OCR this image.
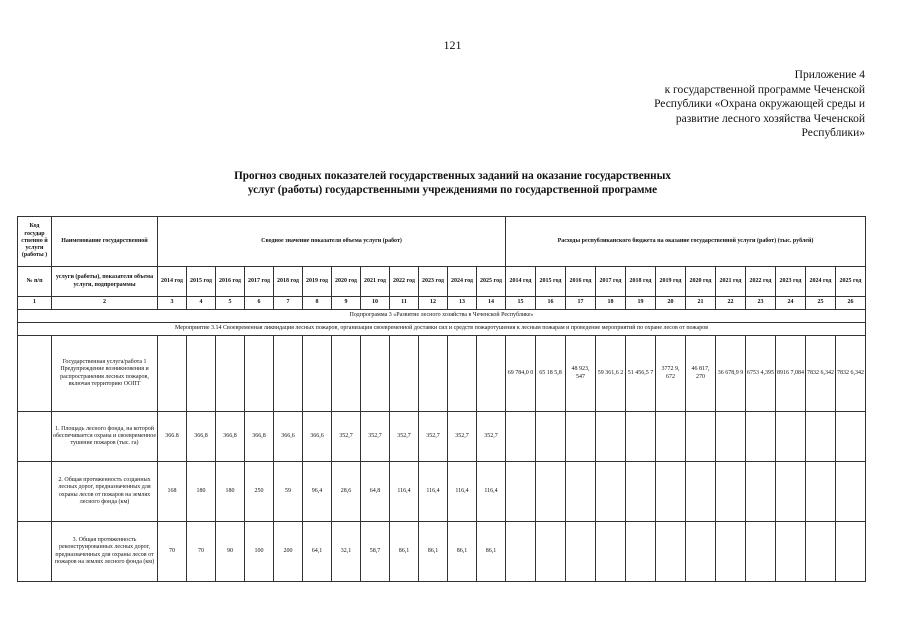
121
Приложение 4
к государственной программе Чеченской
Республики «Охрана окружающей среды и
развитие лесного хозяйства Чеченской
Республики»
Прогноз сводных показателей государственных заданий на оказание государственных
услуг (работы) государственными учреждениями по государственной программе
Код государ ственно й услуги (работы )	Наименование государственной	Сводное значение показателя объема услуги (работ)												Расходы республиканского бюджета на оказание государственной услуги (работ) (тыс. рублей)											
№ п/п	услуги (работы), показателя объема услуги, подпрограммы	2014 год	2015 год	2016 год	2017 год	2018 год	2019 год	2020 год	2021 год	2022 год	2023 год	2024 год	2025 год	2014 год	2015 год	2016 год	2017 год	2018 год	2019 год	2020 год	2021 год	2022 год	2023 год	2024 год	2025 год
1	2	3	4	5	6	7	8	9	10	11	12	13	14	15	16	17	18	19	20	21	22	23	24	25	26
Подпрограмма 3 «Развитие лесного хозяйства в Чеченской Республике»																									
Мероприятие 3.14 Своевременная ликвидация лесных пожаров, организация своевременной доставки сил и средств пожаротушения к лесным пожарам и проведение мероприятий по охране лесов от пожаров																									
	Государственная услуга/работа 1 Предупреждение возникновения и распространения лесных пожаров, включая территорию ООПТ													69 784,0 0	65 18 5,8	48 923, 547	59 361,6 2	51 456,5 7	3772 9, 672	46 817, 270	36 678,9 9	6753 4,395	8916 7,084	7832 6,342	7832 6,342
	1. Площадь лесного фонда, на которой обеспечивается охрана и своевременное тушение пожаров (тыс. га)	366.8	366,8	366,8	366,8	366,6	366,6	352,7	352,7	352,7	352,7	352,7	352,7												
	2. Общая протяженность созданных лесных дорог, предназначенных для охраны лесов от пожаров на землях лесного фонда (км)	168	180	180	250	59	96,4	28,6	64,8	116,4	116,4	116,4	116,4												
	3. Общая протяженность реконструированных лесных дорог, предназначенных для охраны лесов от пожаров на землях лесного фонда (км)	70	70	90	100	200	64,1	32,1	58,7	86,1	86,1	86,1	86,1												
